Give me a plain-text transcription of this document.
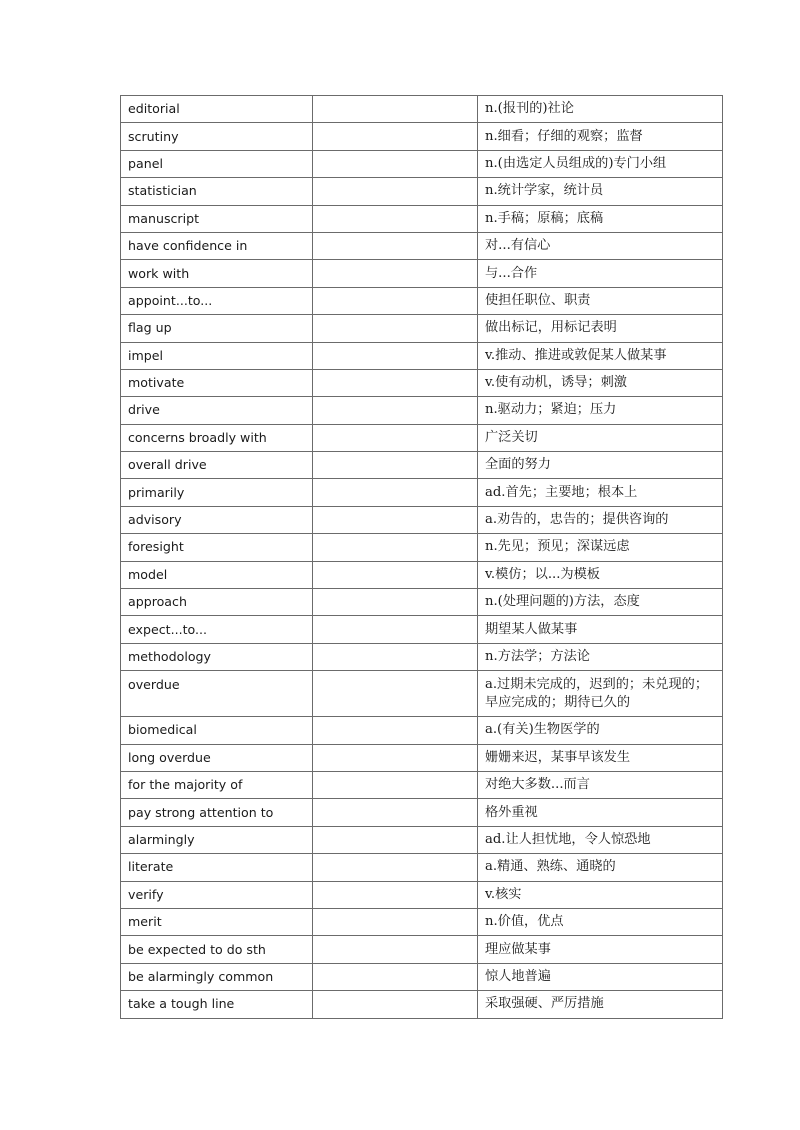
editorial		n.(报刊的)社论
scrutiny		n.细看；仔细的观察；监督
panel		n.(由选定人员组成的)专门小组
statistician		n.统计学家，统计员
manuscript		n.手稿；原稿；底稿
have confidence in		对...有信心
work with		与...合作
appoint...to...		使担任职位、职责
flag up		做出标记，用标记表明
impel		v.推动、推进或敦促某人做某事
motivate		v.使有动机，诱导；刺激
drive		n.驱动力；紧迫；压力
concerns broadly with		广泛关切
overall drive		全面的努力
primarily		ad.首先；主要地；根本上
advisory		a.劝告的，忠告的；提供咨询的
foresight		n.先见；预见；深谋远虑
model		v.模仿；以...为模板
approach		n.(处理问题的)方法，态度
expect...to...		期望某人做某事
methodology		n.方法学；方法论
overdue		a.过期未完成的，迟到的；未兑现的；早应完成的；期待已久的
biomedical		a.(有关)生物医学的
long overdue		姗姗来迟，某事早该发生
for the majority of		对绝大多数...而言
pay strong attention to		格外重视
alarmingly		ad.让人担忧地，令人惊恐地
literate		a.精通、熟练、通晓的
verify		v.核实
merit		n.价值，优点
be expected to do sth		理应做某事
be alarmingly common		惊人地普遍
take a tough line		采取强硬、严厉措施
